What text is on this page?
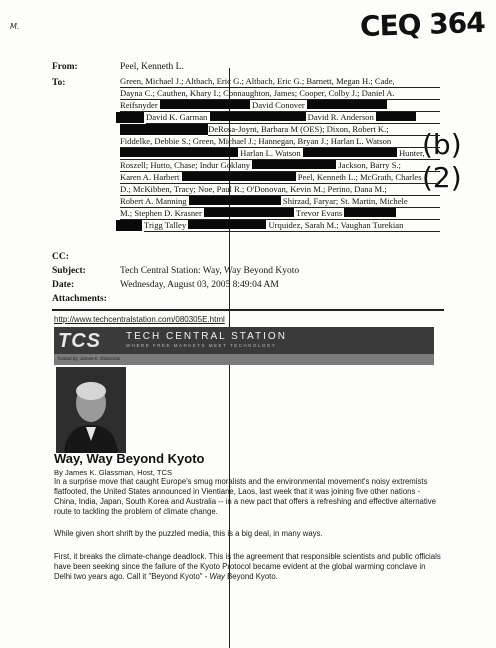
M.	CEQ 364
(b)(2)
From:	Peel, Kenneth L.
To:	Green, Michael J.; Altbach, Eric G.; Altbach, Eric G.; Barnett, Megan H.; Cade,
Dayna C.; Cauthen, Khary I.; Connaughton, James; Cooper, Colby J.; Daniel A.
Reifsnyder	David Conover
David K. Garman	David R. Anderson
DeRosa-Joynt, Barbara M (OES); Dixon, Robert K.;
Fiddelke, Debbie S.; Green, Michael J.; Hannegan, Bryan J.; Harlan L. Watson
Harlan L. Watson	Hunter,
Roszell; Hutto, Chase; Indur Goklany	Jackson, Barry S.;
Karen A. Harbert	Peel, Kenneth L.; McGrath, Charles
D.; McKibben, Tracy; Noe, Paul R.; O'Donovan, Kevin M.; Perino, Dana M.;
Robert A. Manning	Shirzad, Faryar; St. Martin, Michele
M.; Stephen D. Krasner	Trevor Evans
Trigg Talley	Urquidez, Sarah M.; Vaughan Turekian
CC:
Subject:	Tech Central Station: Way, Way Beyond Kyoto
Date:	Wednesday, August 03, 2005 8:49:04 AM
Attachments:
http://www.techcentralstation.com/080305E.html
TCS	TECH CENTRAL STATION
WHERE FREE MARKETS MEET TECHNOLOGY
hosted by: James K. Glassman
Way, Way Beyond Kyoto
By James K. Glassman, Host, TCS
In a surprise move that caught Europe's smug moralists and the environmental movement's noisy extremists flatfooted, the United States announced in Vientiane, Laos, last week that it was joining five other nations - China, India, Japan, South Korea and Australia -- in a new pact that offers a refreshing and effective alternative route to tackling the problem of climate change.
While given short shrift by the puzzled media, this is a big deal, in many ways.
First, it breaks the climate-change deadlock. This is the agreement that responsible scientists and public officials have been seeking since the failure of the Kyoto Protocol became evident at the global warming conclave in Delhi two years ago. Call it "Beyond Kyoto" - Way Beyond Kyoto.
